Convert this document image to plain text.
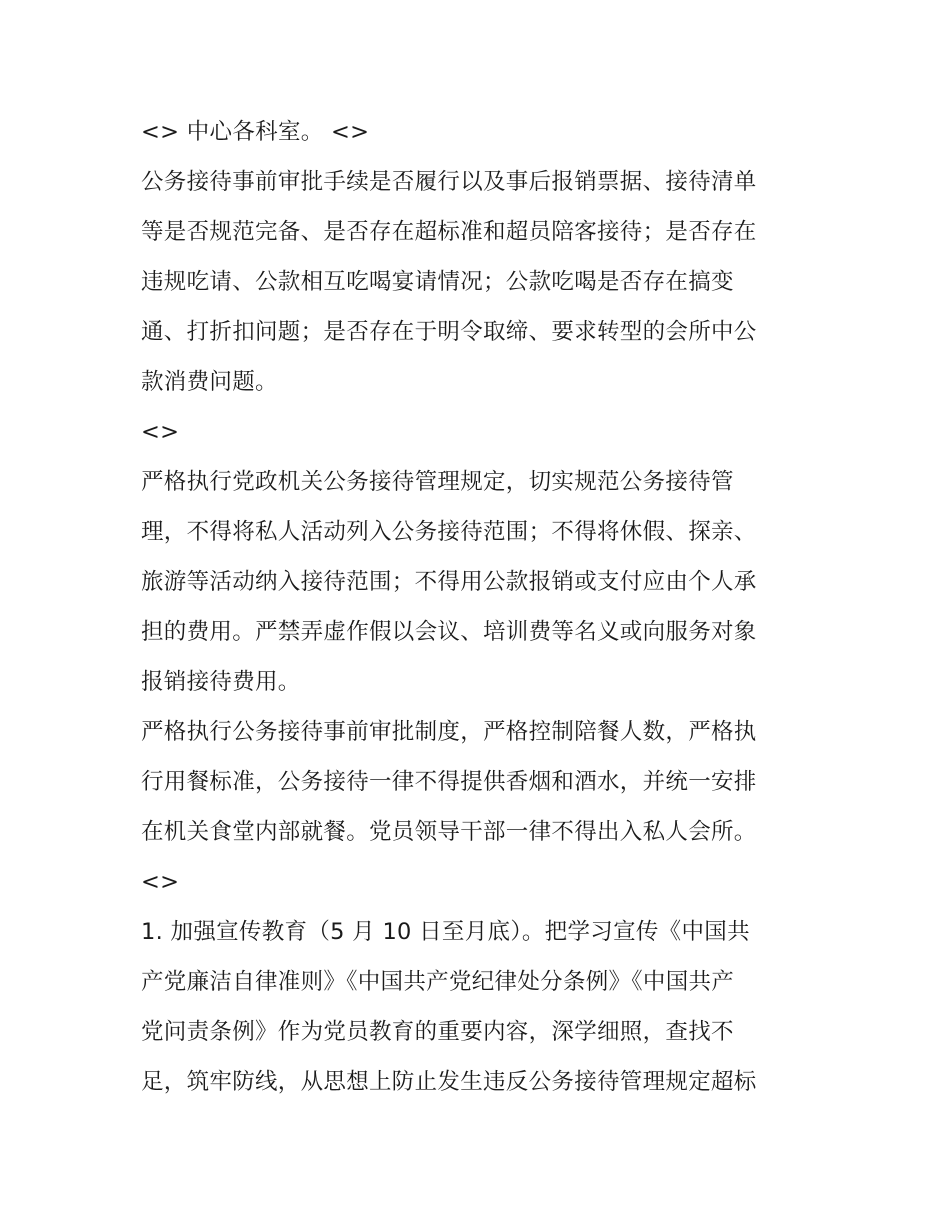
<> 中心各科室。 <>
公务接待事前审批手续是否履行以及事后报销票据、接待清单
等是否规范完备、是否存在超标准和超员陪客接待；是否存在
违规吃请、公款相互吃喝宴请情况；公款吃喝是否存在搞变
通、打折扣问题；是否存在于明令取缔、要求转型的会所中公
款消费问题。
<>
严格执行党政机关公务接待管理规定，切实规范公务接待管
理，不得将私人活动列入公务接待范围；不得将休假、探亲、
旅游等活动纳入接待范围；不得用公款报销或支付应由个人承
担的费用。严禁弄虚作假以会议、培训费等名义或向服务对象
报销接待费用。
严格执行公务接待事前审批制度，严格控制陪餐人数，严格执
行用餐标准，公务接待一律不得提供香烟和酒水，并统一安排
在机关食堂内部就餐。党员领导干部一律不得出入私人会所。
<>
1. 加强宣传教育（5 月 10 日至月底）。把学习宣传《中国共
产党廉洁自律准则》《中国共产党纪律处分条例》《中国共产
党问责条例》作为党员教育的重要内容，深学细照，查找不
足，筑牢防线，从思想上防止发生违反公务接待管理规定超标
